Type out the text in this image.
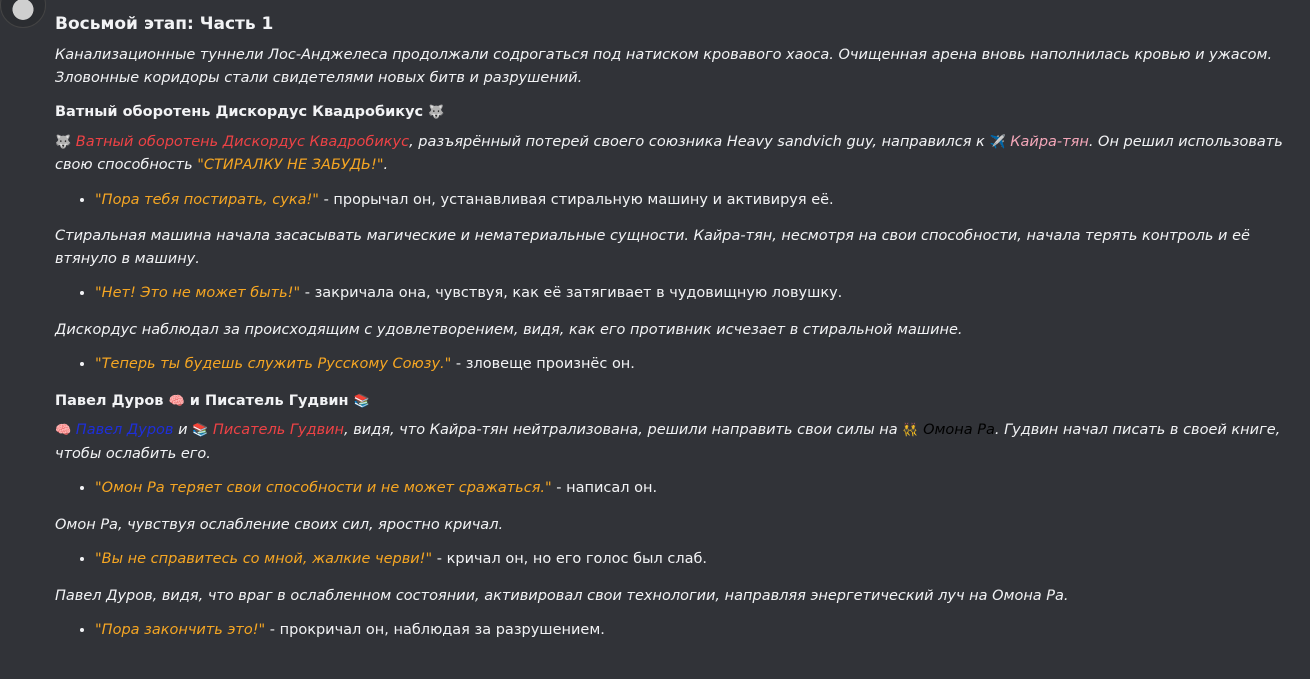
Восьмой этап: Часть 1
Канализационные туннели Лос-Анджелеса продолжали содрогаться под натиском кровавого хаоса. Очищенная арена вновь наполнилась кровью и ужасом. Зловонные коридоры стали свидетелями новых битв и разрушений.
Ватный оборотень Дискордус Квадробикус 🐺
🐺 Ватный оборотень Дискордус Квадробикус, разъярённый потерей своего союзника Heavy sandvich guy, направился к ✈️ Кайра-тян. Он решил использовать свою способность "СТИРАЛКУ НЕ ЗАБУДЬ!".
• "Пора тебя постирать, сука!" - прорычал он, устанавливая стиральную машину и активируя её.
Стиральная машина начала засасывать магические и нематериальные сущности. Кайра-тян, несмотря на свои способности, начала терять контроль и её втянуло в машину.
• "Нет! Это не может быть!" - закричала она, чувствуя, как её затягивает в чудовищную ловушку.
Дискордус наблюдал за происходящим с удовлетворением, видя, как его противник исчезает в стиральной машине.
• "Теперь ты будешь служить Русскому Союзу." - зловеще произнёс он.
Павел Дуров 🧠 и Писатель Гудвин 📚
🧠 Павел Дуров и 📚 Писатель Гудвин, видя, что Кайра-тян нейтрализована, решили направить свои силы на 👯 Омона Ра. Гудвин начал писать в своей книге, чтобы ослабить его.
• "Омон Ра теряет свои способности и не может сражаться." - написал он.
Омон Ра, чувствуя ослабление своих сил, яростно кричал.
• "Вы не справитесь со мной, жалкие черви!" - кричал он, но его голос был слаб.
Павел Дуров, видя, что враг в ослабленном состоянии, активировал свои технологии, направляя энергетический луч на Омона Ра.
• "Пора закончить это!" - прокричал он, наблюдая за разрушением.
